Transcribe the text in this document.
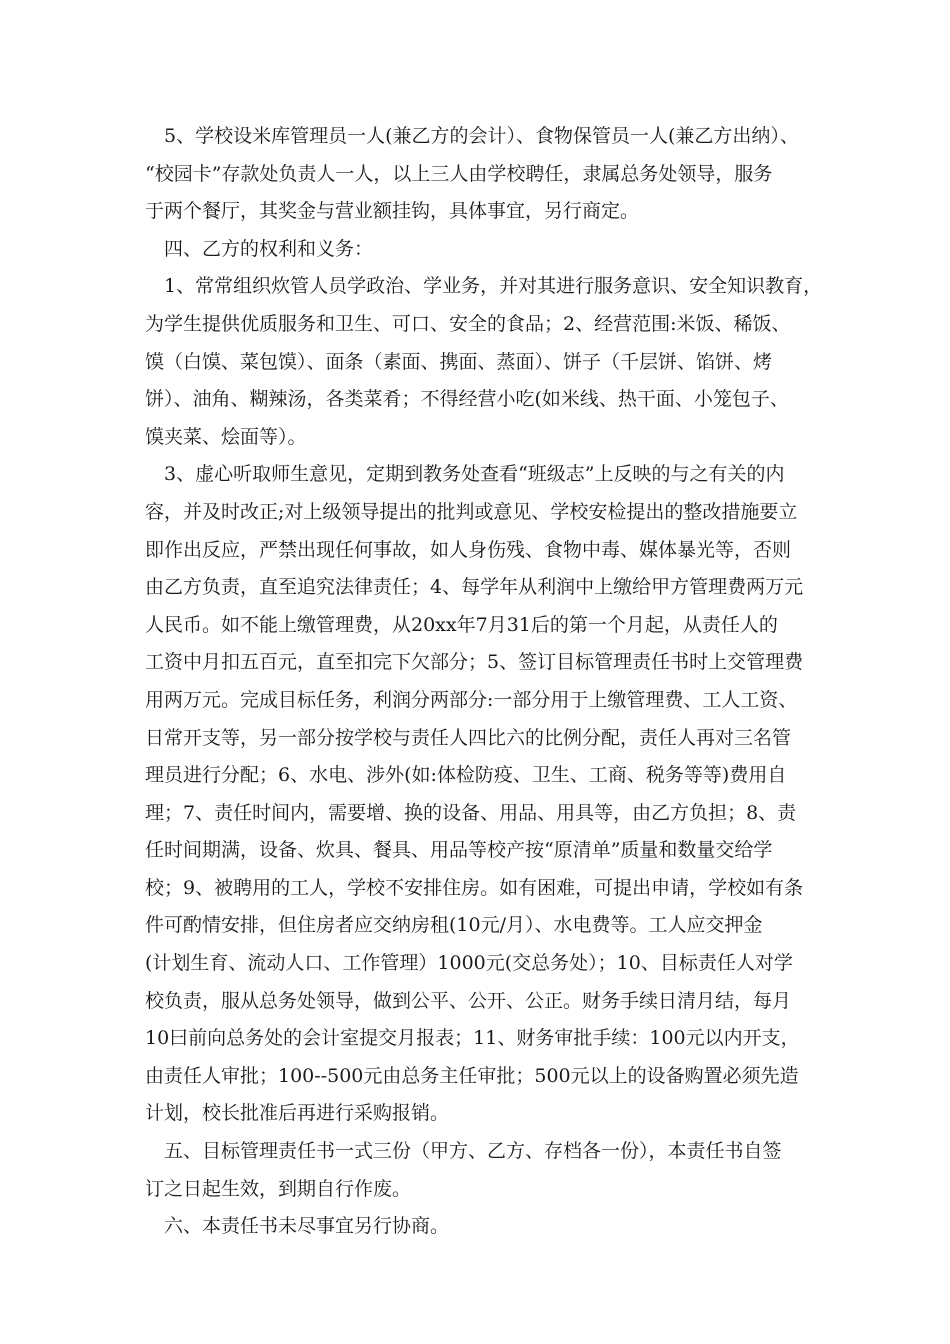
　5、学校设米库管理员一人(兼乙方的会计）、食物保管员一人(兼乙方出纳）、
“校园卡”存款处负责人一人，以上三人由学校聘任，隶属总务处领导，服务
于两个餐厅，其奖金与营业额挂钩，具体事宜，另行商定。
　四、乙方的权利和义务：
　1、常常组织炊管人员学政治、学业务，并对其进行服务意识、安全知识教育，
为学生提供优质服务和卫生、可口、安全的食品；2、经营范围:米饭、稀饭、
馍（白馍、菜包馍）、面条（素面、携面、蒸面）、饼子（千层饼、馅饼、烤
饼）、油角、糊辣汤，各类菜肴；不得经营小吃(如米线、热干面、小笼包子、
馍夹菜、烩面等）。
　3、虚心听取师生意见，定期到教务处查看“班级志”上反映的与之有关的内
容，并及时改正;对上级领导提出的批判或意见、学校安检提出的整改措施要立
即作出反应，严禁出现任何事故，如人身伤残、食物中毒、媒体暴光等，否则
由乙方负责，直至追究法律责任；4、每学年从利润中上缴给甲方管理费两万元
人民币。如不能上缴管理费，从20xx年7月31后的第一个月起，从责任人的
工资中月扣五百元，直至扣完下欠部分；5、签订目标管理责任书时上交管理费
用两万元。完成目标任务，利润分两部分:一部分用于上缴管理费、工人工资、
日常开支等，另一部分按学校与责任人四比六的比例分配，责任人再对三名管
理员进行分配；6、水电、涉外(如:体检防疫、卫生、工商、税务等等)费用自
理；7、责任时间内，需要增、换的设备、用品、用具等，由乙方负担；8、责
任时间期满，设备、炊具、餐具、用品等校产按“原清单”质量和数量交给学
校；9、被聘用的工人，学校不安排住房。如有困难，可提出申请，学校如有条
件可酌情安排，但住房者应交纳房租(10元/月）、水电费等。工人应交押金
(计划生育、流动人口、工作管理）1000元(交总务处）；10、目标责任人对学
校负责，服从总务处领导，做到公平、公开、公正。财务手续日清月结，每月
10曰前向总务处的会计室提交月报表；11、财务审批手续：100元以内开支，
由责任人审批；100--500元由总务主任审批；500元以上的设备购置必须先造
计划，校长批准后再进行采购报销。
　五、目标管理责任书一式三份（甲方、乙方、存档各一份），本责任书自签
订之日起生效，到期自行作废。
　六、本责任书未尽事宜另行协商。
